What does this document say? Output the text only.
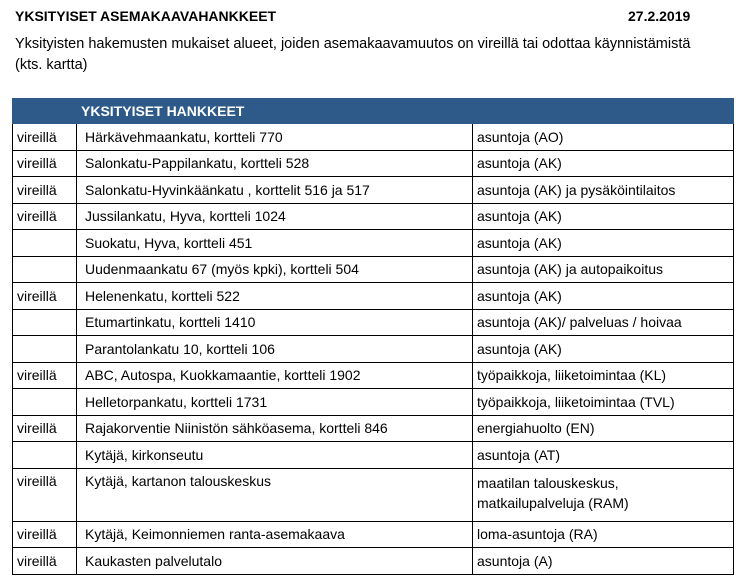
YKSITYISET ASEMAKAAVAHANKKEET	27.2.2019
Yksityisten hakemusten mukaiset alueet, joiden asemakaavamuutos on vireillä tai odottaa käynnistämistä (kts. kartta)
YKSITYISET HANKKEET		
vireillä	Härkävehmaankatu, kortteli 770	asuntoja (AO)
vireillä	Salonkatu-Pappilankatu, kortteli 528	asuntoja (AK)
vireillä	Salonkatu-Hyvinkäänkatu , korttelit 516 ja 517	asuntoja (AK) ja pysäköintilaitos
vireillä	Jussilankatu, Hyva, kortteli 1024	asuntoja (AK)
	Suokatu, Hyva, kortteli 451	asuntoja (AK)
	Uudenmaankatu 67 (myös kpki), kortteli 504	asuntoja (AK) ja autopaikoitus
vireillä	Helenenkatu, kortteli 522	asuntoja (AK)
	Etumartinkatu, kortteli 1410	asuntoja (AK)/ palveluas / hoivaa
	Parantolankatu 10, kortteli 106	asuntoja (AK)
vireillä	ABC, Autospa, Kuokkamaantie, kortteli 1902	työpaikkoja, liiketoimintaa (KL)
	Helletorpankatu, kortteli 1731	työpaikkoja, liiketoimintaa (TVL)
vireillä	Rajakorventie Niinistön sähköasema, kortteli 846	energiahuolto (EN)
	Kytäjä, kirkonseutu	asuntoja (AT)
vireillä	Kytäjä, kartanon talouskeskus	maatilan talouskeskus, matkailupalveluja (RAM)
vireillä	Kytäjä, Keimonniemen ranta-asemakaava	loma-asuntoja (RA)
vireillä	Kaukasten palvelutalo	asuntoja (A)
